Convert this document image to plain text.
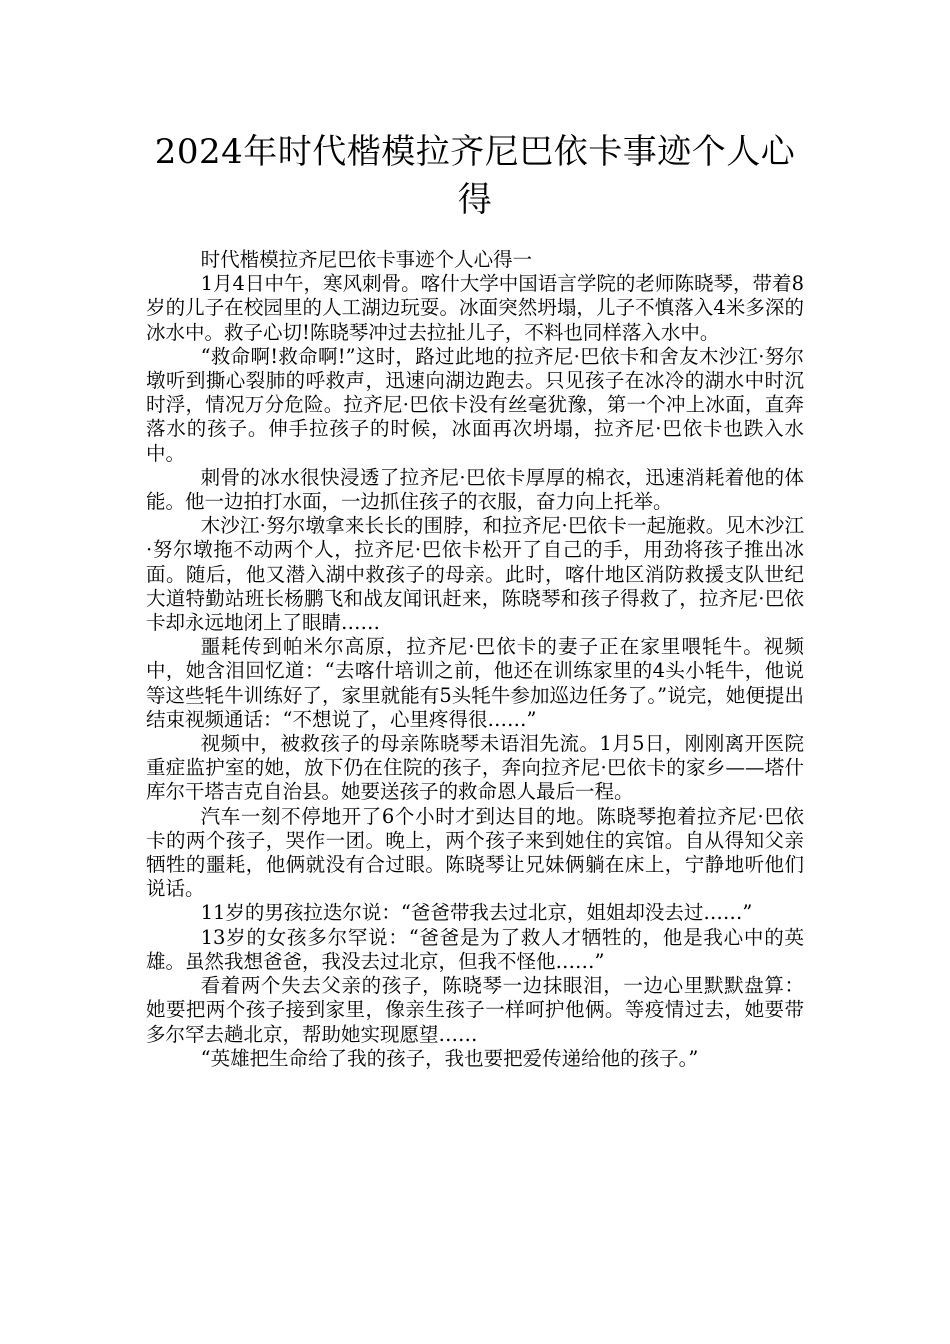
2024年时代楷模拉齐尼巴依卡事迹个人心得

时代楷模拉齐尼巴依卡事迹个人心得一

1月4日中午，寒风刺骨。喀什大学中国语言学院的老师陈晓琴，带着8岁的儿子在校园里的人工湖边玩耍。冰面突然坍塌，儿子不慎落入4米多深的冰水中。救子心切!陈晓琴冲过去拉扯儿子，不料也同样落入水中。

“救命啊!救命啊!”这时，路过此地的拉齐尼·巴依卡和舍友木沙江·努尔墩听到撕心裂肺的呼救声，迅速向湖边跑去。只见孩子在冰冷的湖水中时沉时浮，情况万分危险。拉齐尼·巴依卡没有丝毫犹豫，第一个冲上冰面，直奔落水的孩子。伸手拉孩子的时候，冰面再次坍塌，拉齐尼·巴依卡也跌入水中。

刺骨的冰水很快浸透了拉齐尼·巴依卡厚厚的棉衣，迅速消耗着他的体能。他一边拍打水面，一边抓住孩子的衣服，奋力向上托举。

木沙江·努尔墩拿来长长的围脖，和拉齐尼·巴依卡一起施救。见木沙江·努尔墩拖不动两个人，拉齐尼·巴依卡松开了自己的手，用劲将孩子推出冰面。随后，他又潜入湖中救孩子的母亲。此时，喀什地区消防救援支队世纪大道特勤站班长杨鹏飞和战友闻讯赶来，陈晓琴和孩子得救了，拉齐尼·巴依卡却永远地闭上了眼睛……

噩耗传到帕米尔高原，拉齐尼·巴依卡的妻子正在家里喂牦牛。视频中，她含泪回忆道：“去喀什培训之前，他还在训练家里的4头小牦牛，他说等这些牦牛训练好了，家里就能有5头牦牛参加巡边任务了。”说完，她便提出结束视频通话：“不想说了，心里疼得很……”

视频中，被救孩子的母亲陈晓琴未语泪先流。1月5日，刚刚离开医院重症监护室的她，放下仍在住院的孩子，奔向拉齐尼·巴依卡的家乡——塔什库尔干塔吉克自治县。她要送孩子的救命恩人最后一程。

汽车一刻不停地开了6个小时才到达目的地。陈晓琴抱着拉齐尼·巴依卡的两个孩子，哭作一团。晚上，两个孩子来到她住的宾馆。自从得知父亲牺牲的噩耗，他俩就没有合过眼。陈晓琴让兄妹俩躺在床上，宁静地听他们说话。

11岁的男孩拉迭尔说：“爸爸带我去过北京，姐姐却没去过……”

13岁的女孩多尔罕说：“爸爸是为了救人才牺牲的，他是我心中的英雄。虽然我想爸爸，我没去过北京，但我不怪他……”

看着两个失去父亲的孩子，陈晓琴一边抹眼泪，一边心里默默盘算：她要把两个孩子接到家里，像亲生孩子一样呵护他俩。等疫情过去，她要带多尔罕去趟北京，帮助她实现愿望……

“英雄把生命给了我的孩子，我也要把爱传递给他的孩子。”
